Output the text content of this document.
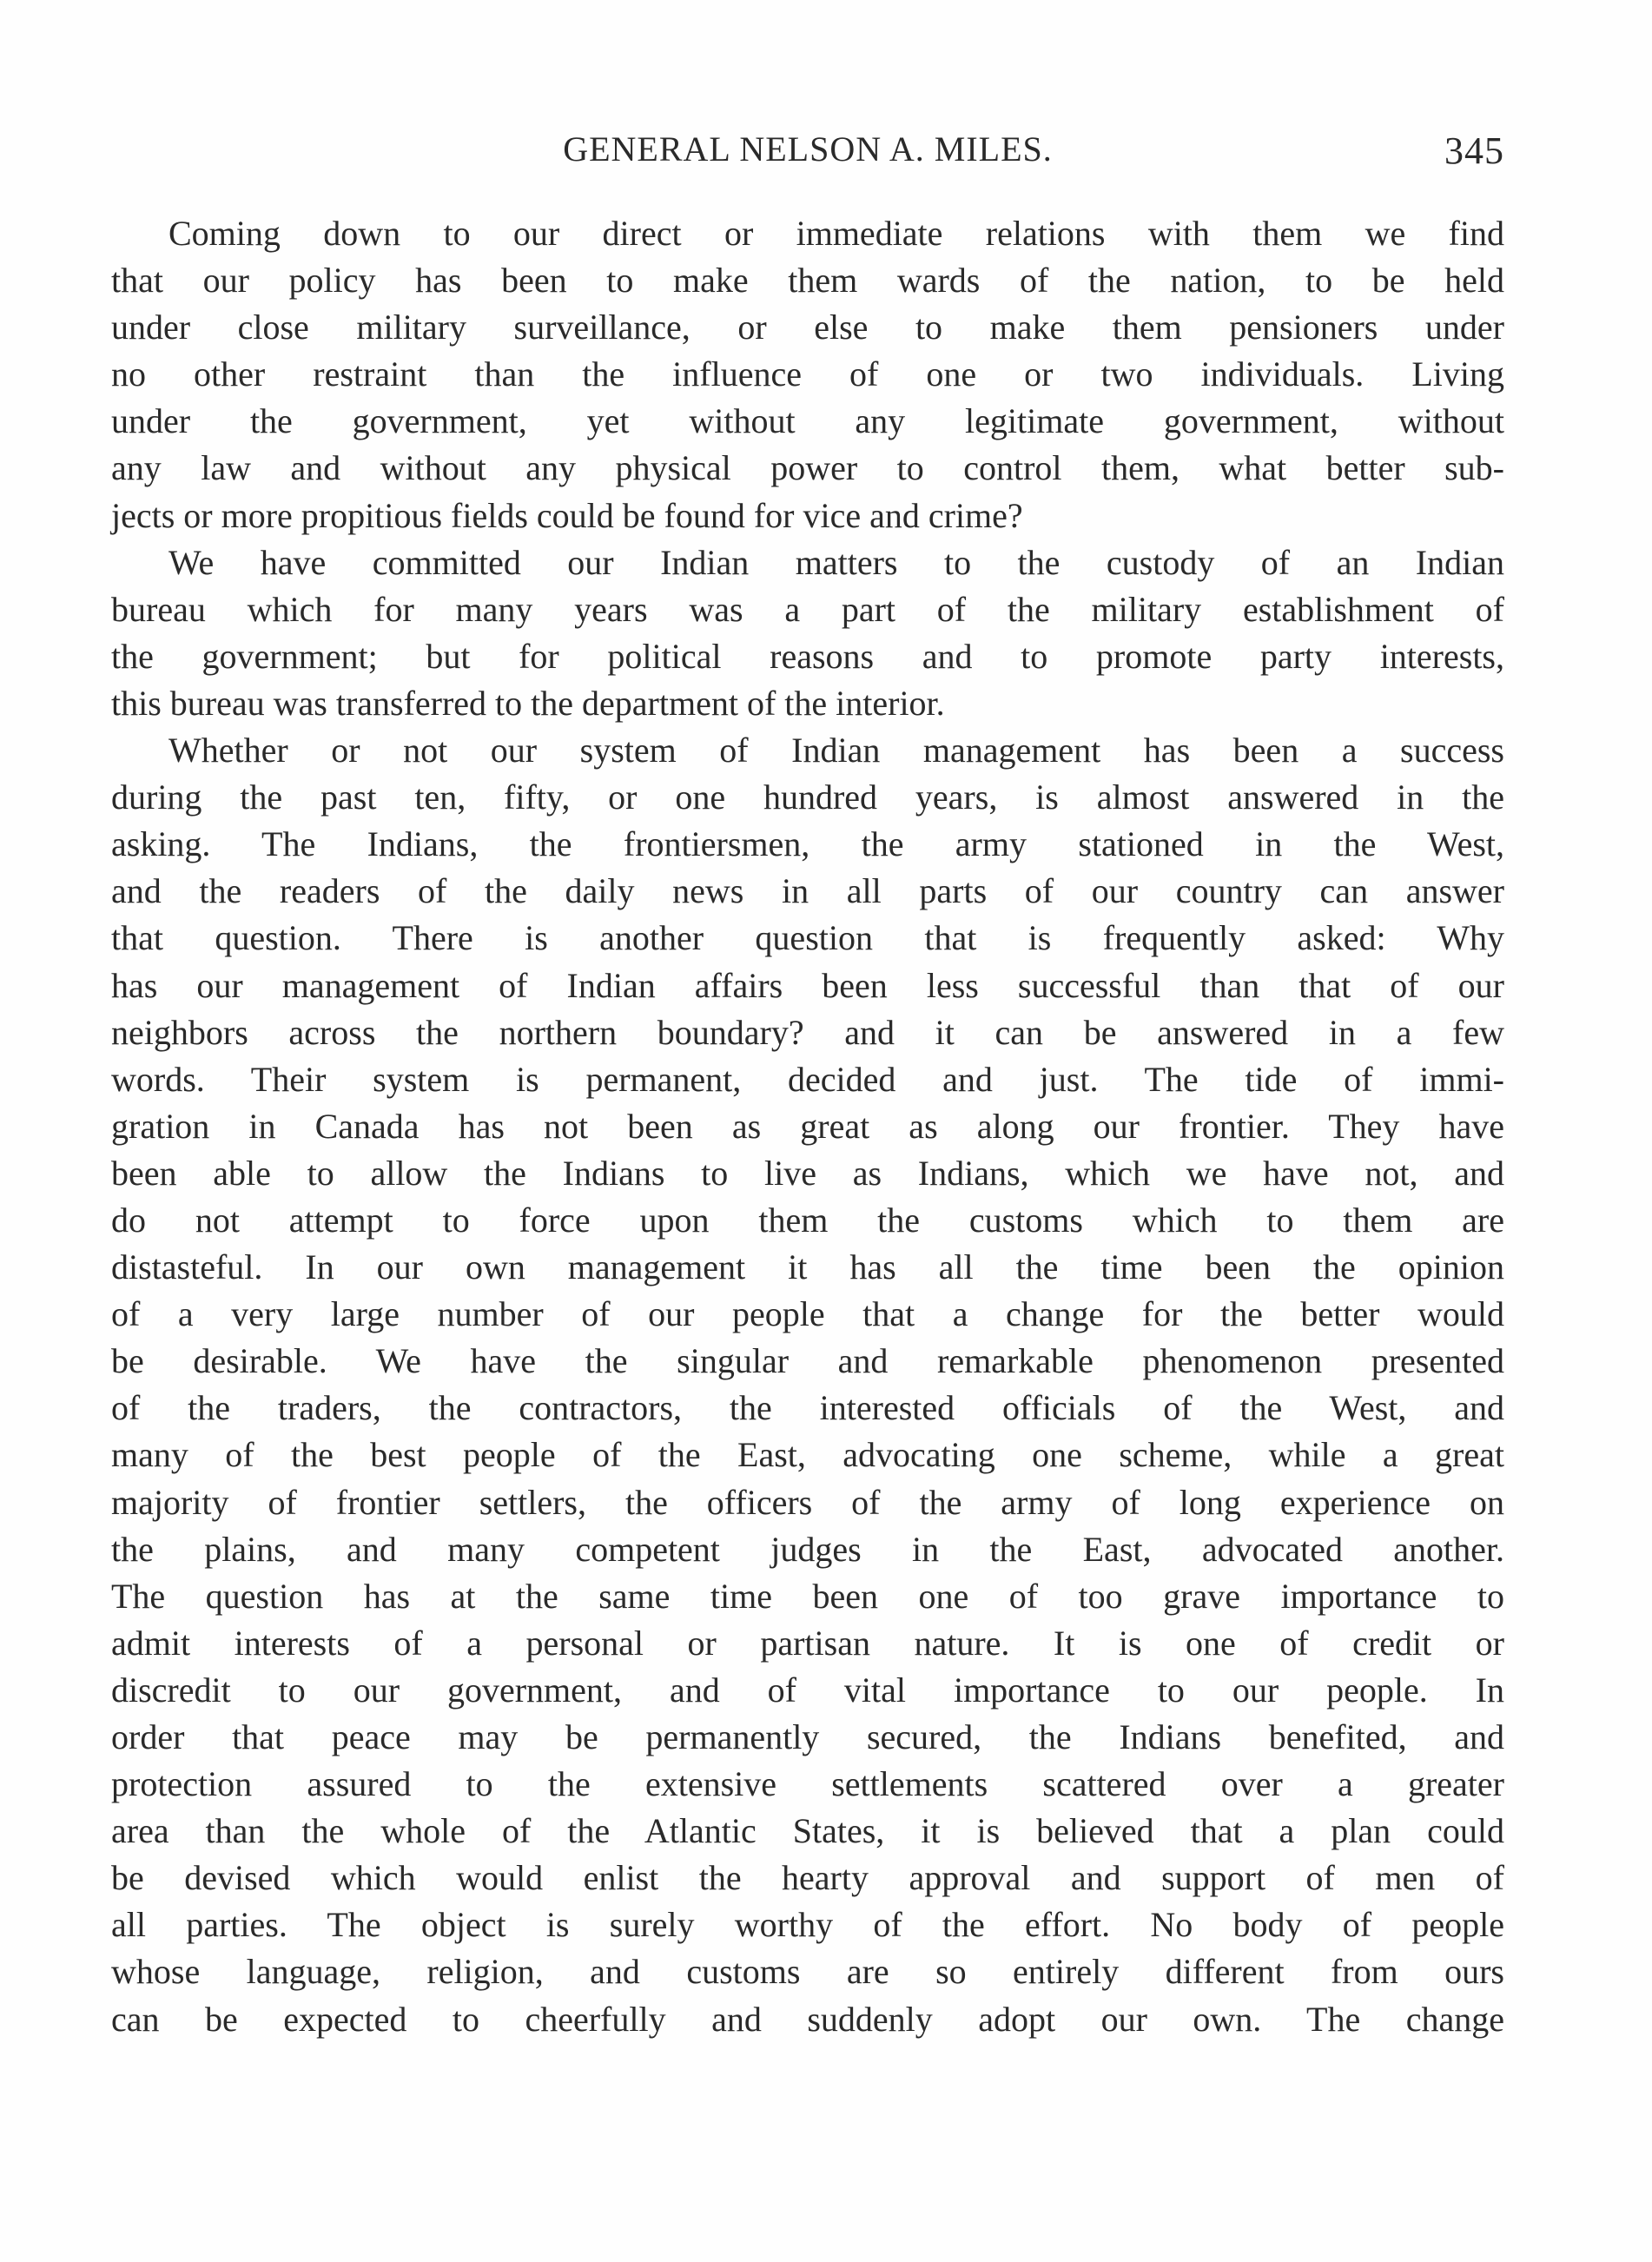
GENERAL NELSON A. MILES.	345
Coming down to our direct or immediate relations with them we find
that our policy has been to make them wards of the nation, to be held
under close military surveillance, or else to make them pensioners under
no other restraint than the influence of one or two individuals. Living
under the government, yet without any legitimate government, without
any law and without any physical power to control them, what better sub-
jects or more propitious fields could be found for vice and crime?
We have committed our Indian matters to the custody of an Indian
bureau which for many years was a part of the military establishment of
the government; but for political reasons and to promote party interests,
this bureau was transferred to the department of the interior.
Whether or not our system of Indian management has been a success
during the past ten, fifty, or one hundred years, is almost answered in the
asking. The Indians, the frontiersmen, the army stationed in the West,
and the readers of the daily news in all parts of our country can answer
that question. There is another question that is frequently asked: Why
has our management of Indian affairs been less successful than that of our
neighbors across the northern boundary? and it can be answered in a few
words. Their system is permanent, decided and just. The tide of immi-
gration in Canada has not been as great as along our frontier. They have
been able to allow the Indians to live as Indians, which we have not, and
do not attempt to force upon them the customs which to them are
distasteful. In our own management it has all the time been the opinion
of a very large number of our people that a change for the better would
be desirable. We have the singular and remarkable phenomenon presented
of the traders, the contractors, the interested officials of the West, and
many of the best people of the East, advocating one scheme, while a great
majority of frontier settlers, the officers of the army of long experience on
the plains, and many competent judges in the East, advocated another.
The question has at the same time been one of too grave importance to
admit interests of a personal or partisan nature. It is one of credit or
discredit to our government, and of vital importance to our people. In
order that peace may be permanently secured, the Indians benefited, and
protection assured to the extensive settlements scattered over a greater
area than the whole of the Atlantic States, it is believed that a plan could
be devised which would enlist the hearty approval and support of men of
all parties. The object is surely worthy of the effort. No body of people
whose language, religion, and customs are so entirely different from ours
can be expected to cheerfully and suddenly adopt our own. The change
